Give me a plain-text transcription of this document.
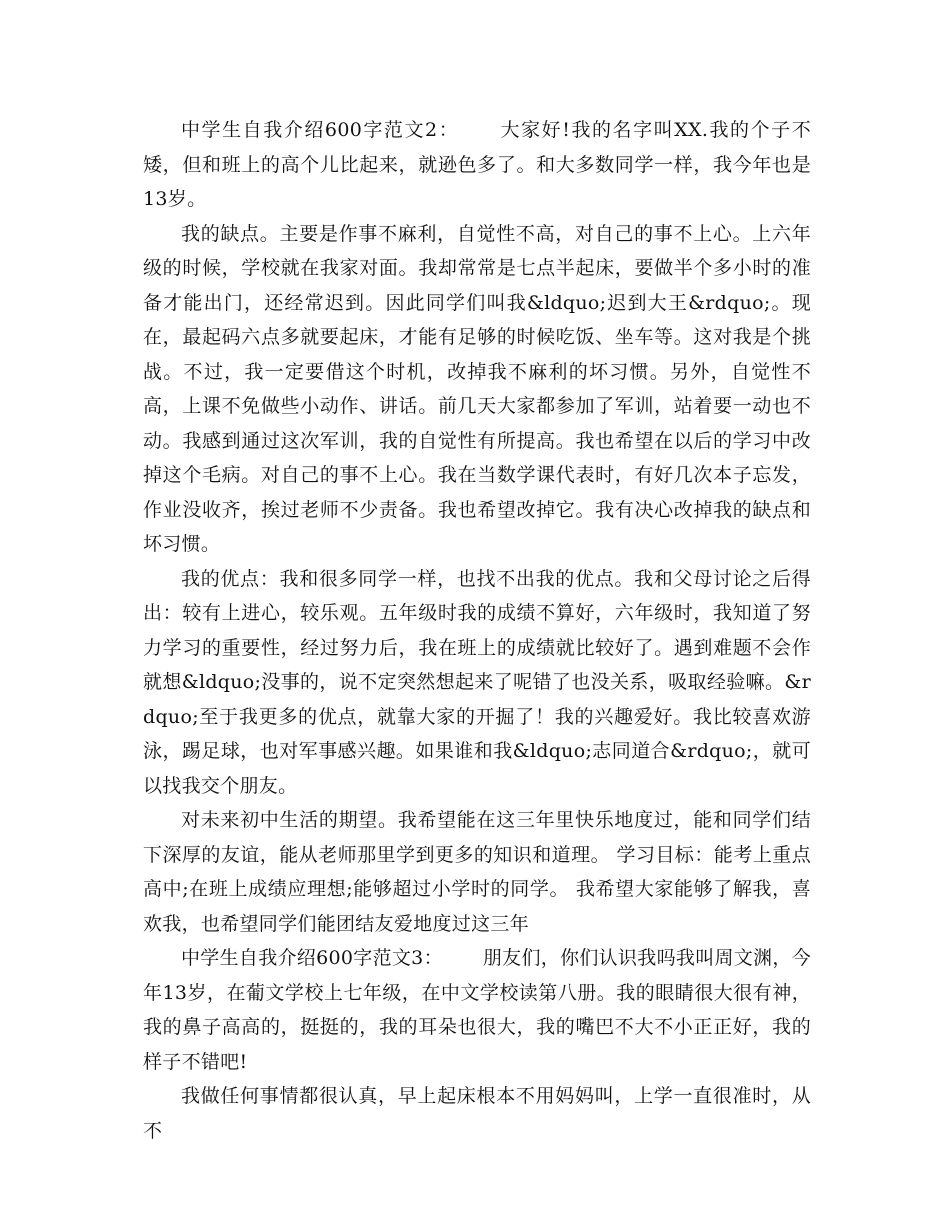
中学生自我介绍600字范文2： 大家好!我的名字叫XX.我的个子不矮，但和班上的高个儿比起来，就逊色多了。和大多数同学一样，我今年也是13岁。

我的缺点。主要是作事不麻利，自觉性不高，对自己的事不上心。上六年级的时候，学校就在我家对面。我却常常是七点半起床，要做半个多小时的准备才能出门，还经常迟到。因此同学们叫我&ldquo;迟到大王&rdquo;。现在，最起码六点多就要起床，才能有足够的时候吃饭、坐车等。这对我是个挑战。不过，我一定要借这个时机，改掉我不麻利的坏习惯。另外，自觉性不高，上课不免做些小动作、讲话。前几天大家都参加了军训，站着要一动也不动。我感到通过这次军训，我的自觉性有所提高。我也希望在以后的学习中改掉这个毛病。对自己的事不上心。我在当数学课代表时，有好几次本子忘发，作业没收齐，挨过老师不少责备。我也希望改掉它。我有决心改掉我的缺点和坏习惯。

我的优点：我和很多同学一样，也找不出我的优点。我和父母讨论之后得出：较有上进心，较乐观。五年级时我的成绩不算好，六年级时，我知道了努力学习的重要性，经过努力后，我在班上的成绩就比较好了。遇到难题不会作就想&ldquo;没事的，说不定突然想起来了呢错了也没关系，吸取经验嘛。&rdquo;至于我更多的优点，就靠大家的开掘了！我的兴趣爱好。我比较喜欢游泳，踢足球，也对军事感兴趣。如果谁和我&ldquo;志同道合&rdquo;，就可以找我交个朋友。

对未来初中生活的期望。我希望能在这三年里快乐地度过，能和同学们结下深厚的友谊，能从老师那里学到更多的知识和道理。 学习目标：能考上重点高中;在班上成绩应理想;能够超过小学时的同学。 我希望大家能够了解我，喜欢我，也希望同学们能团结友爱地度过这三年

中学生自我介绍600字范文3： 朋友们，你们认识我吗我叫周文渊，今年13岁，在葡文学校上七年级，在中文学校读第八册。我的眼睛很大很有神，我的鼻子高高的，挺挺的，我的耳朵也很大，我的嘴巴不大不小正正好，我的样子不错吧!

我做任何事情都很认真，早上起床根本不用妈妈叫，上学一直很准时，从不
